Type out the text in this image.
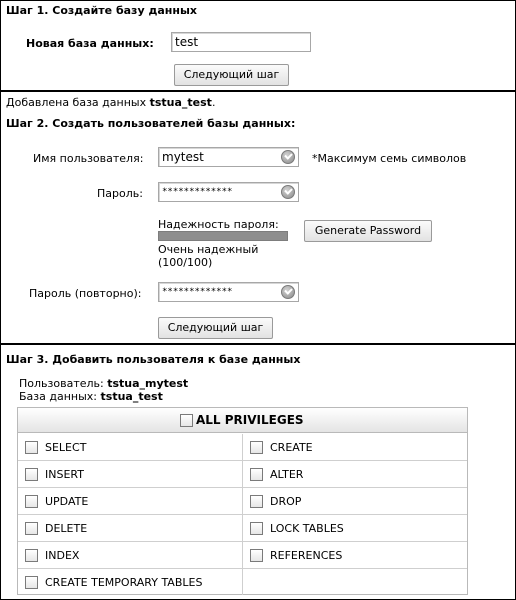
Шаг 1. Создайте базу данных
Новая база данных:	test
Следующий шаг
Добавлена база данных tstua_test.
Шаг 2. Создать пользователей базы данных:
Имя пользователя:	mytest	*Максимум семь символов
Пароль: *************
Надежность пароля:
Очень надежный
(100/100)
Generate Password
Пароль (повторно): *************
Следующий шаг
Шаг 3. Добавить пользователя к базе данных
Пользователь: tstua_mytest
База данных: tstua_test
ALL PRIVILEGES
SELECT	CREATE
INSERT	ALTER
UPDATE	DROP
DELETE	LOCK TABLES
INDEX	REFERENCES
CREATE TEMPORARY TABLES
